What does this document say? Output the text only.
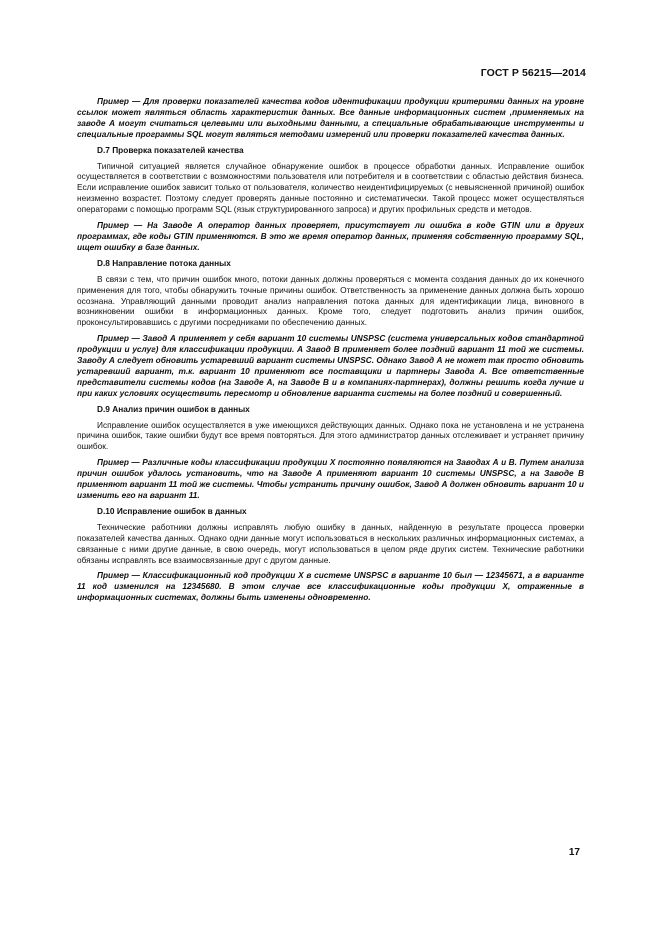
ГОСТ Р 56215—2014

Пример — Для проверки показателей качества кодов идентификации продукции критериями данных на уровне ссылок может являться область характеристик данных. Все данные информационных систем ,применяемых на заводе А могут считаться целевыми или выходными данными, а специальные обрабатывающие инструменты и специальные программы SQL могут являться методами измерений или проверки показателей качества данных.

D.7 Проверка показателей качества

Типичной ситуацией является случайное обнаружение ошибок в процессе обработки данных. Исправление ошибок осуществляется в соответствии с возможностями пользователя или потребителя и в соответствии с областью действия бизнеса. Если исправление ошибок зависит только от пользователя, количество неидентифицируемых (с невыясненной причиной) ошибок неизменно возрастет. Поэтому следует проверять данные постоянно и систематически. Такой процесс может осуществляться операторами с помощью программ SQL (язык структурированного запроса) и других профильных средств и методов.

Пример — На Заводе А оператор данных проверяет, присутствует ли ошибка в коде GTIN или в других программах, где коды GTIN применяются. В это же время оператор данных, применяя собственную программу SQL, ищет ошибку в базе данных.

D.8 Направление потока данных

В связи с тем, что причин ошибок много, потоки данных должны проверяться с момента создания данных до их конечного применения для того, чтобы обнаружить точные причины ошибок. Ответственность за применение данных должна быть хорошо осознана. Управляющий данными проводит анализ направления потока данных для идентификации лица, виновного в возникновении ошибки в информационных данных. Кроме того, следует подготовить анализ причин ошибок, проконсультировавшись с другими посредниками по обеспечению данных.

Пример — Завод А применяет у себя вариант 10 системы UNSPSC (система универсальных кодов стандартной продукции и услуг) для классификации продукции. А Завод В применяет более поздний вариант 11 той же системы. Заводу А следует обновить устаревший вариант системы UNSPSC. Однако Завод А не может так просто обновить устаревший вариант, т.к. вариант 10 применяют все поставщики и партнеры Завода А. Все ответственные представители системы кодов (на Заводе А, на Заводе В и в компаниях-партнерах), должны решить когда лучше и при каких условиях осуществить пересмотр и обновление варианта системы на более поздний и совершенный.

D.9 Анализ причин ошибок в данных

Исправление ошибок осуществляется в уже имеющихся действующих данных. Однако пока не установлена и не устранена причина ошибок, такие ошибки будут все время повторяться. Для этого администратор данных отслеживает и устраняет причину ошибок.

Пример — Различные коды классификации продукции Х постоянно появляются на Заводах А и В. Путем анализа причин ошибок удалось установить, что на Заводе А применяют вариант 10 системы UNSPSC, а на Заводе В применяют вариант 11 той же системы. Чтобы устранить причину ошибок, Завод А должен обновить вариант 10 и изменить его на вариант 11.

D.10 Исправление ошибок в данных

Технические работники должны исправлять любую ошибку в данных, найденную в результате процесса проверки показателей качества данных. Однако одни данные могут использоваться в нескольких различных информационных системах, а связанные с ними другие данные, в свою очередь, могут использоваться в целом ряде других систем. Технические работники обязаны исправлять все взаимосвязанные друг с другом данные.

Пример — Классификационный код продукции Х в системе UNSPSC в варианте 10 был — 12345671, а в варианте 11 код изменился на 12345680. В этом случае все классификационные коды продукции Х, отраженные в информационных системах, должны быть изменены одновременно.

17
